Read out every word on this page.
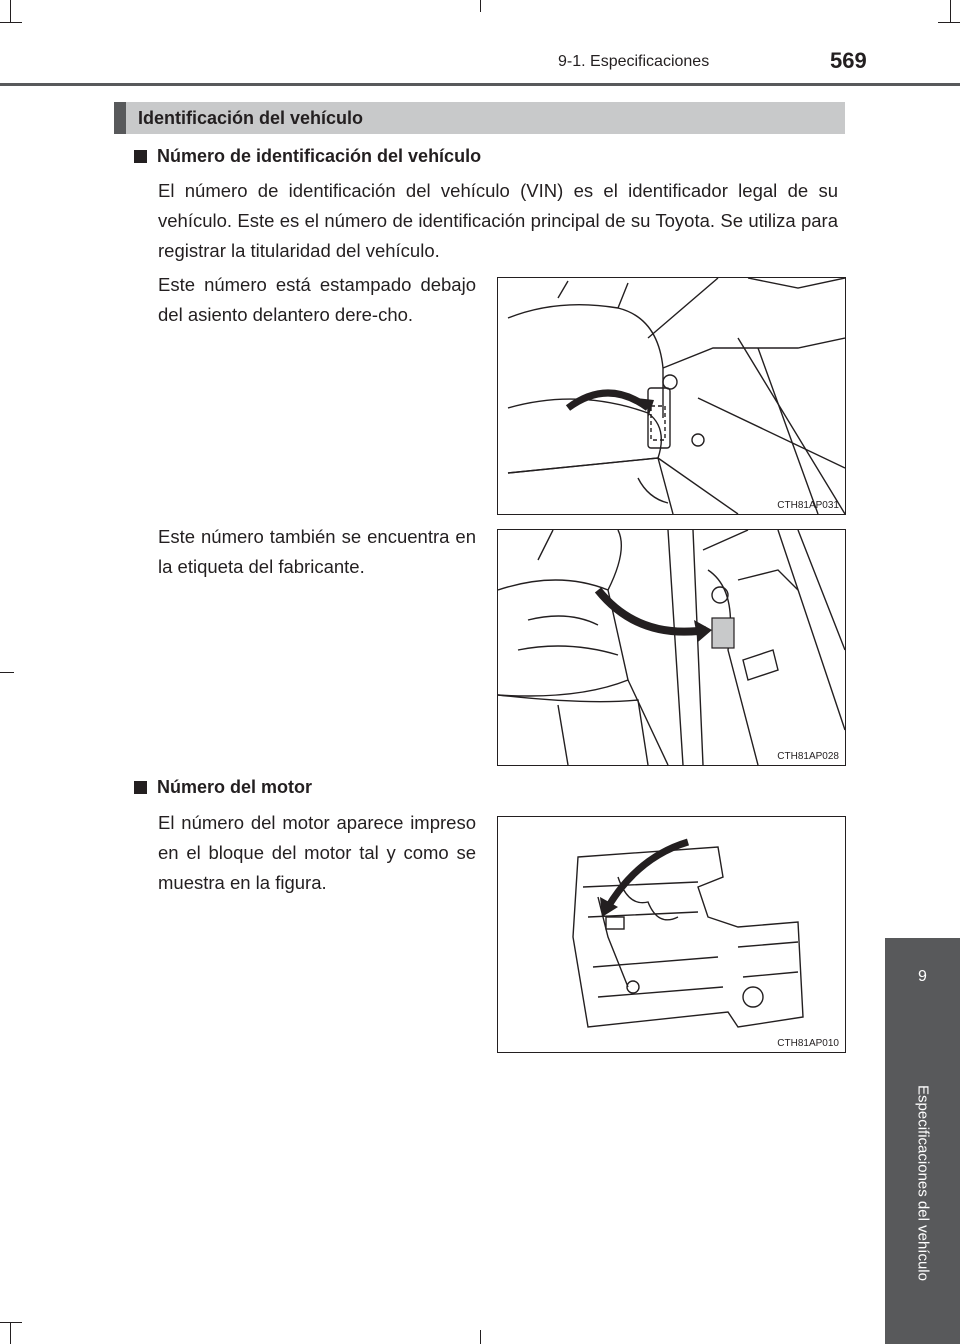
9-1. Especificaciones	569
9
Especificaciones del vehículo
Identificación del vehículo
Número de identificación del vehículo
El número de identificación del vehículo (VIN) es el identificador legal de su vehículo. Este es el número de identificación principal de su Toyota. Se utiliza para registrar la titularidad del vehículo.
Este número está estampado debajo del asiento delantero dere-cho.
CTH81AP031
Este número también se encuentra en la etiqueta del fabricante.
CTH81AP028
Número del motor
El número del motor aparece impreso en el bloque del motor tal y como se muestra en la figura.
CTH81AP010
